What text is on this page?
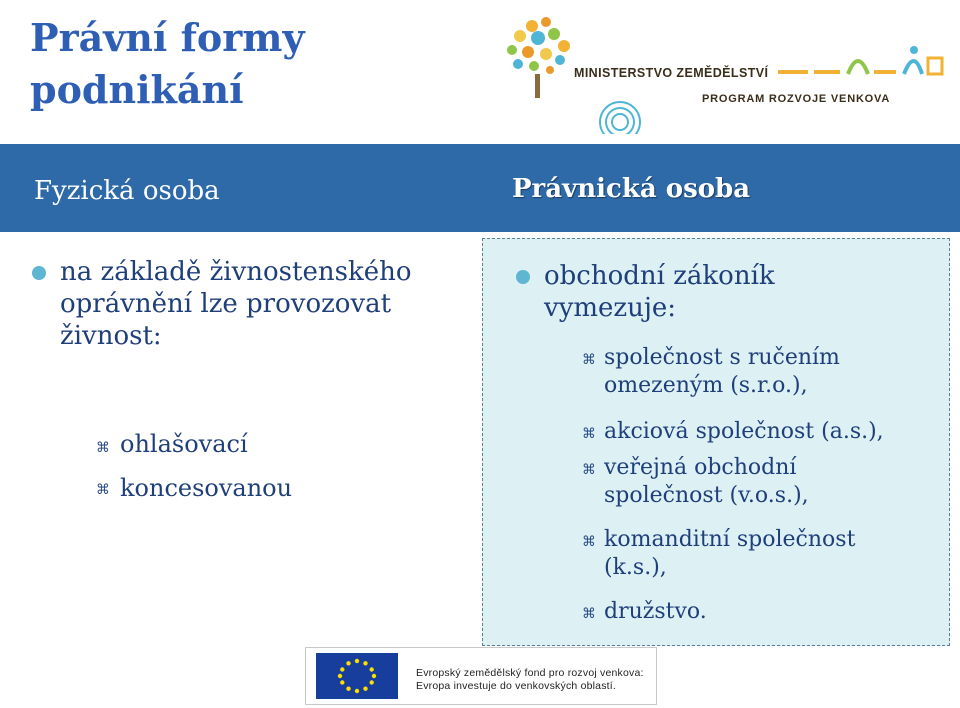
Právní formy
podnikání	MINISTERSTVO ZEMĚDĚLSTVÍ
PROGRAM ROZVOJE VENKOVA
Fyzická osoba	Právnická osoba
na základě živnostenského
oprávnění lze provozovat
živnost:
⌘ ohlašovací
⌘ koncesovanou
obchodní zákoník
vymezuje:
⌘ společnost s ručením
omezeným (s.r.o.),
⌘ akciová společnost (a.s.),
⌘ veřejná obchodní
společnost (v.o.s.),
⌘ komanditní společnost
(k.s.),
⌘ družstvo.
Evropský zemědělský fond pro rozvoj venkova:
Evropa investuje do venkovských oblastí.
